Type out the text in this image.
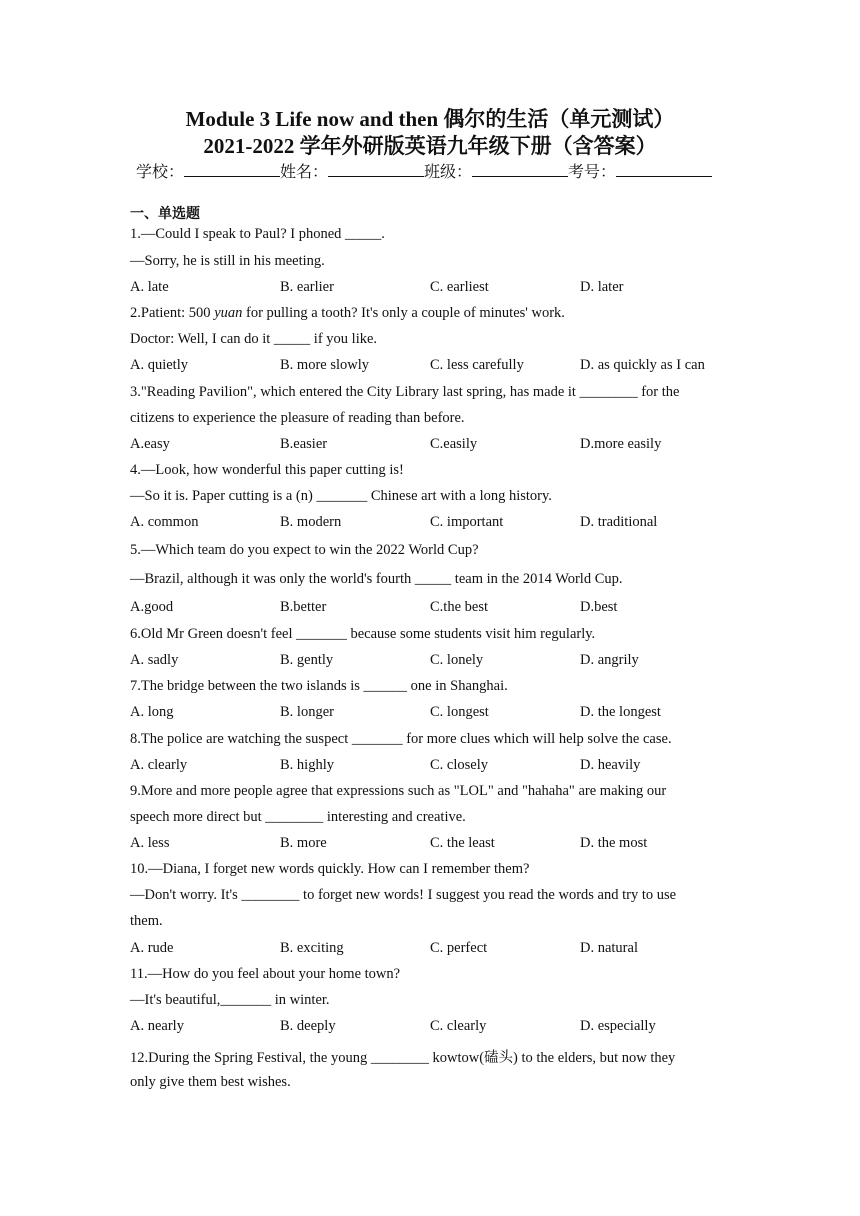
Module 3 Life now and then 偶尔的生活（单元测试）
2021-2022 学年外研版英语九年级下册（含答案）
学校：	姓名：	班级：	考号：
一、单选题
1.—Could I speak to Paul? I phoned _____.
—Sorry, he is still in his meeting.
2.Patient: 500 yuan for pulling a tooth? It's only a couple of minutes' work.
Doctor: Well, I can do it _____ if you like.
3."Reading Pavilion", which entered the City Library last spring, has made it ________ for the
citizens to experience the pleasure of reading than before.
4.—Look, how wonderful this paper cutting is!
—So it is. Paper cutting is a (n) _______ Chinese art with a long history.
5.—Which team do you expect to win the 2022 World Cup?
—Brazil, although it was only the world's fourth _____ team in the 2014 World Cup.
6.Old Mr Green doesn't feel _______ because some students visit him regularly.
7.The bridge between the two islands is ______ one in Shanghai.
8.The police are watching the suspect _______ for more clues which will help solve the case.
9.More and more people agree that expressions such as "LOL" and "hahaha" are making our
speech more direct but ________ interesting and creative.
10.—Diana, I forget new words quickly. How can I remember them?
—Don't worry. It's ________ to forget new words! I suggest you read the words and try to use
them.
11.—How do you feel about your home town?
—It's beautiful,_______ in winter.
12.During the Spring Festival, the young ________ kowtow(磕头) to the elders, but now they
only give them best wishes.
A. late	B. earlier	C. earliest	D. later
A. quietly	B. more slowly	C. less carefully	D. as quickly as I can
A.easy	B.easier	C.easily	D.more easily
A. common	B. modern	C. important	D. traditional
A.good	B.better	C.the best	D.best
A. sadly	B. gently	C. lonely	D. angrily
A. long	B. longer	C. longest	D. the longest
A. clearly	B. highly	C. closely	D. heavily
A. less	B. more	C. the least	D. the most
A. rude	B. exciting	C. perfect	D. natural
A. nearly	B. deeply	C. clearly	D. especially
